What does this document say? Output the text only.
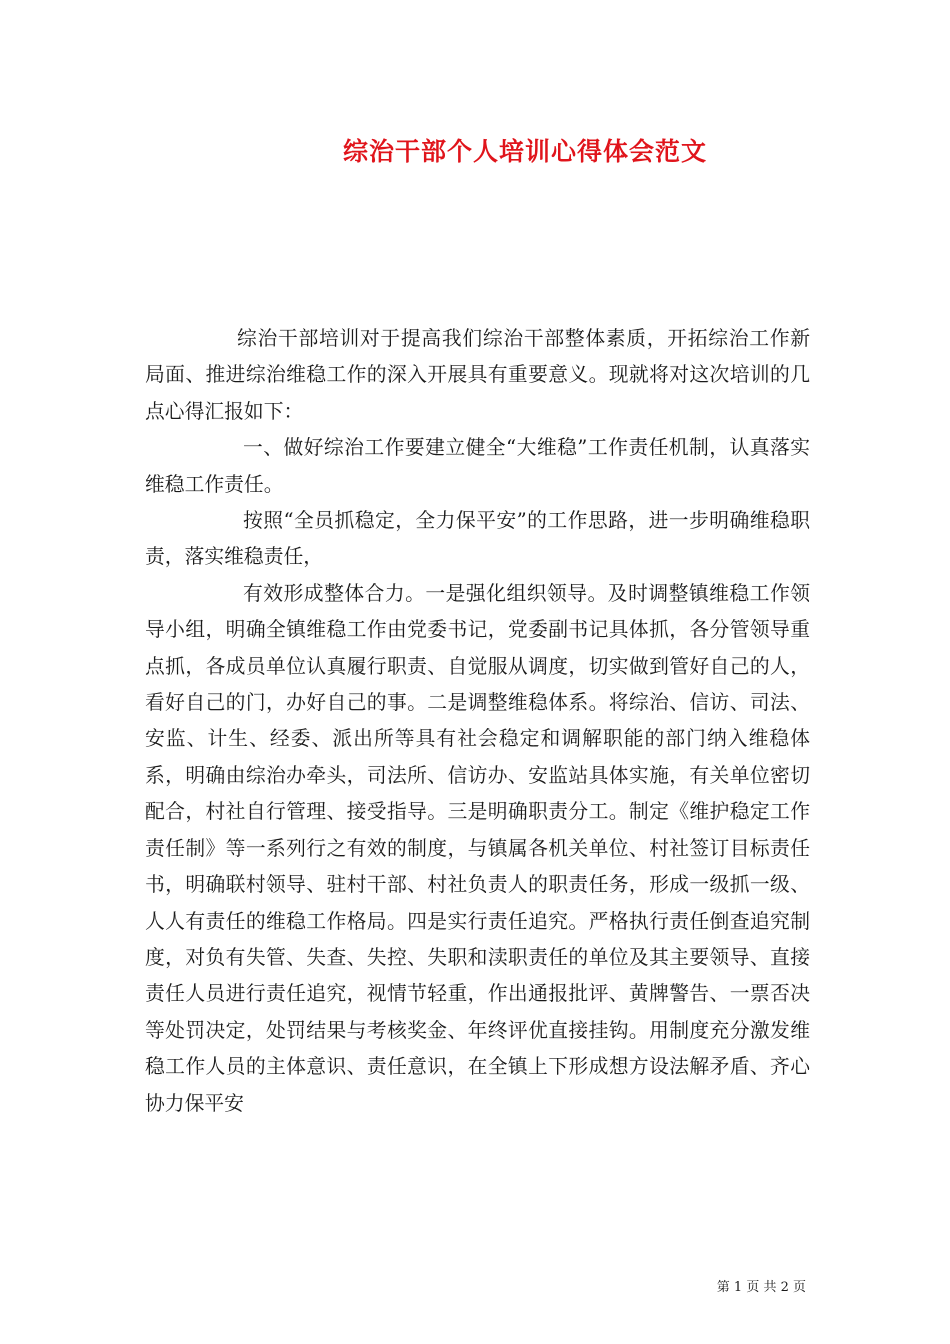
综治干部个人培训心得体会范文

综治干部培训对于提高我们综治干部整体素质，开拓综治工作新局面、推进综治维稳工作的深入开展具有重要意义。现就将对这次培训的几点心得汇报如下：

一、做好综治工作要建立健全“大维稳”工作责任机制，认真落实维稳工作责任。

按照“全员抓稳定，全力保平安”的工作思路，进一步明确维稳职责，落实维稳责任，

有效形成整体合力。一是强化组织领导。及时调整镇维稳工作领导小组，明确全镇维稳工作由党委书记，党委副书记具体抓，各分管领导重点抓，各成员单位认真履行职责、自觉服从调度，切实做到管好自己的人，看好自己的门，办好自己的事。二是调整维稳体系。将综治、信访、司法、安监、计生、经委、派出所等具有社会稳定和调解职能的部门纳入维稳体系，明确由综治办牵头，司法所、信访办、安监站具体实施，有关单位密切配合，村社自行管理、接受指导。三是明确职责分工。制定《维护稳定工作责任制》等一系列行之有效的制度，与镇属各机关单位、村社签订目标责任书，明确联村领导、驻村干部、村社负责人的职责任务，形成一级抓一级、人人有责任的维稳工作格局。四是实行责任追究。严格执行责任倒查追究制度，对负有失管、失查、失控、失职和渎职责任的单位及其主要领导、直接责任人员进行责任追究，视情节轻重，作出通报批评、黄牌警告、一票否决等处罚决定，处罚结果与考核奖金、年终评优直接挂钩。用制度充分激发维稳工作人员的主体意识、责任意识，在全镇上下形成想方设法解矛盾、齐心协力保平安

第 1 页 共 2 页
